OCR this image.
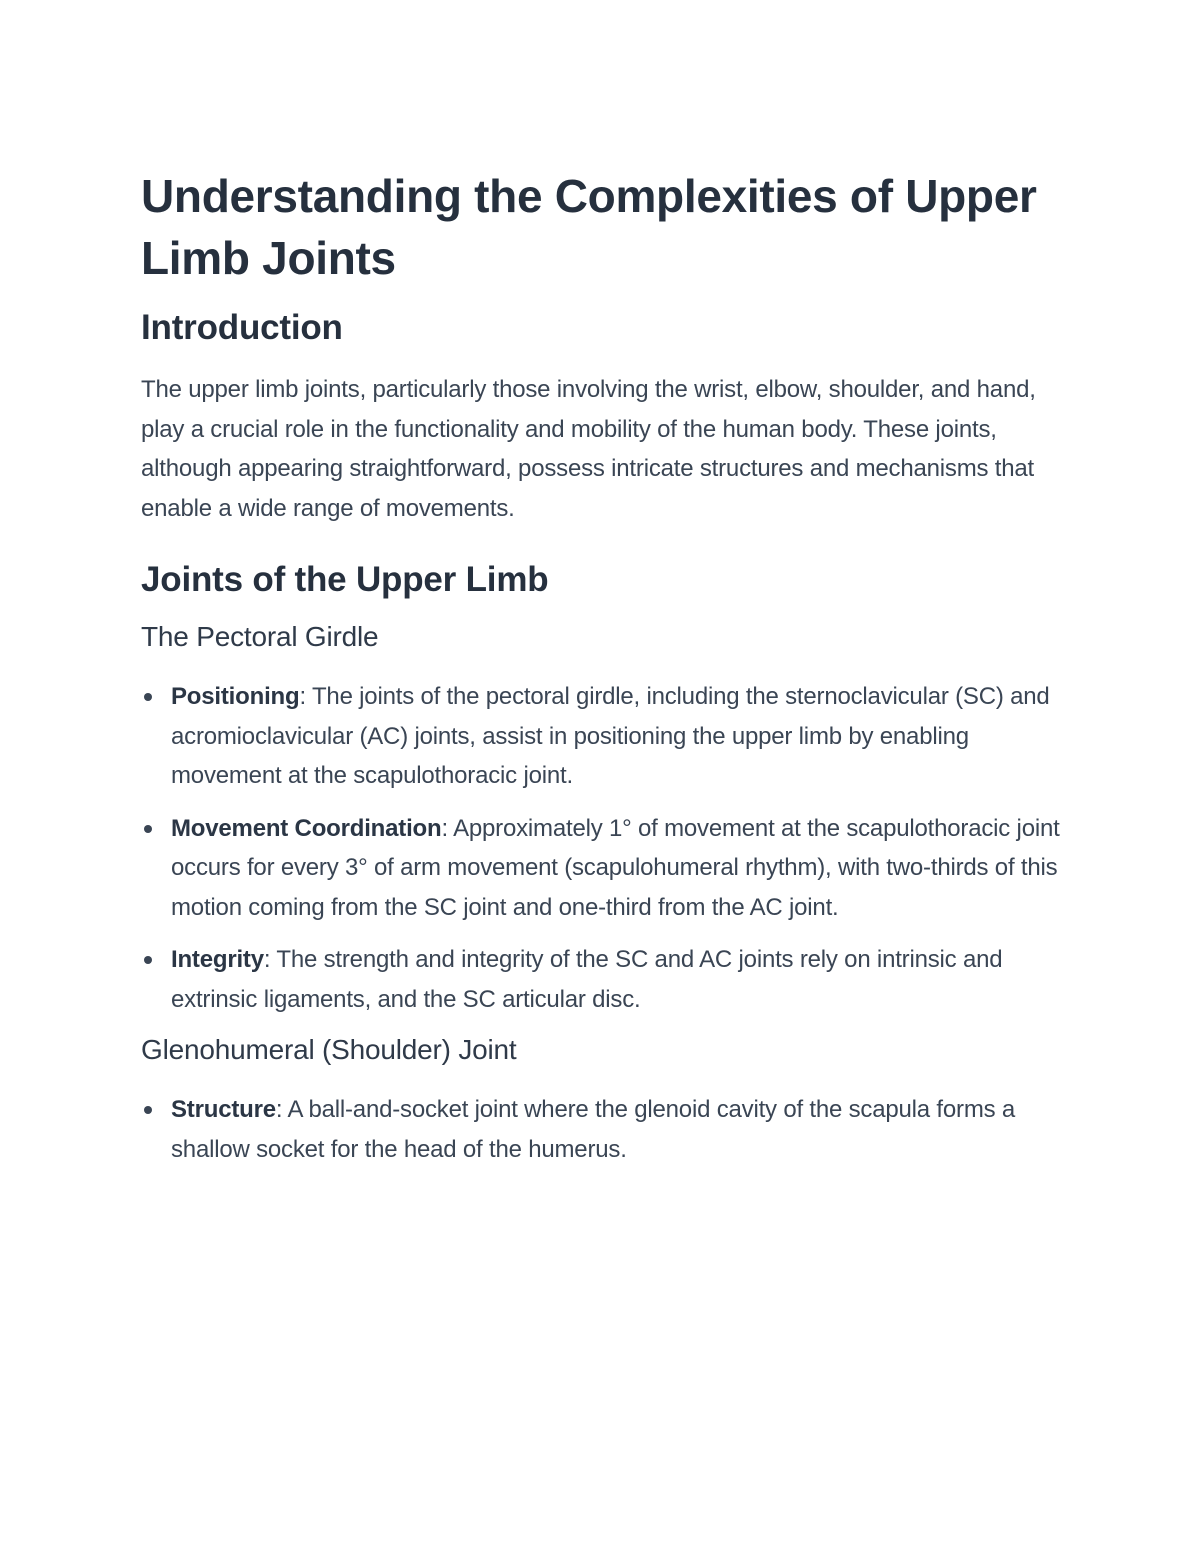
Understanding the Complexities of Upper Limb Joints
Introduction

The upper limb joints, particularly those involving the wrist, elbow, shoulder, and hand, play a crucial role in the functionality and mobility of the human body. These joints, although appearing straightforward, possess intricate structures and mechanisms that enable a wide range of movements.

Joints of the Upper Limb
The Pectoral Girdle
Positioning: The joints of the pectoral girdle, including the sternoclavicular (SC) and acromioclavicular (AC) joints, assist in positioning the upper limb by enabling movement at the scapulothoracic joint.
Movement Coordination: Approximately 1° of movement at the scapulothoracic joint occurs for every 3° of arm movement (scapulohumeral rhythm), with two-thirds of this motion coming from the SC joint and one-third from the AC joint.
Integrity: The strength and integrity of the SC and AC joints rely on intrinsic and extrinsic ligaments, and the SC articular disc.
Glenohumeral (Shoulder) Joint
Structure: A ball-and-socket joint where the glenoid cavity of the scapula forms a shallow socket for the head of the humerus.
